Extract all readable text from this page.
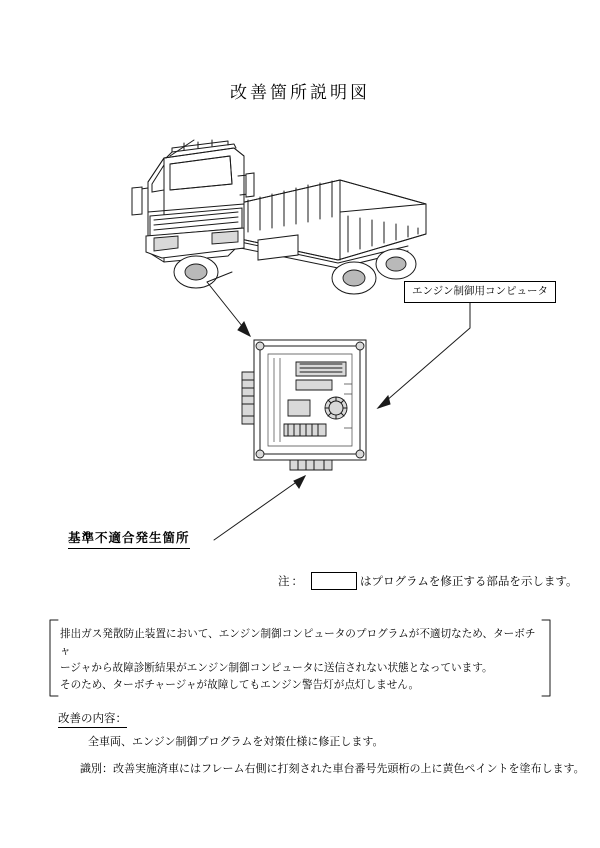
改善箇所説明図
エンジン制御用コンピュータ
基準不適合発生箇所
注：	はプログラムを修正する部品を示します。
排出ガス発散防止装置において、エンジン制御コンピュータのプログラムが不適切なため、ターボチャ
ージャから故障診断結果がエンジン制御コンピュータに送信されない状態となっています。
そのため、ターボチャージャが故障してもエンジン警告灯が点灯しません。
改善の内容：
全車両、エンジン制御プログラムを対策仕様に修正します。
識別：改善実施済車にはフレーム右側に打刻された車台番号先頭桁の上に黄色ペイントを塗布します。
